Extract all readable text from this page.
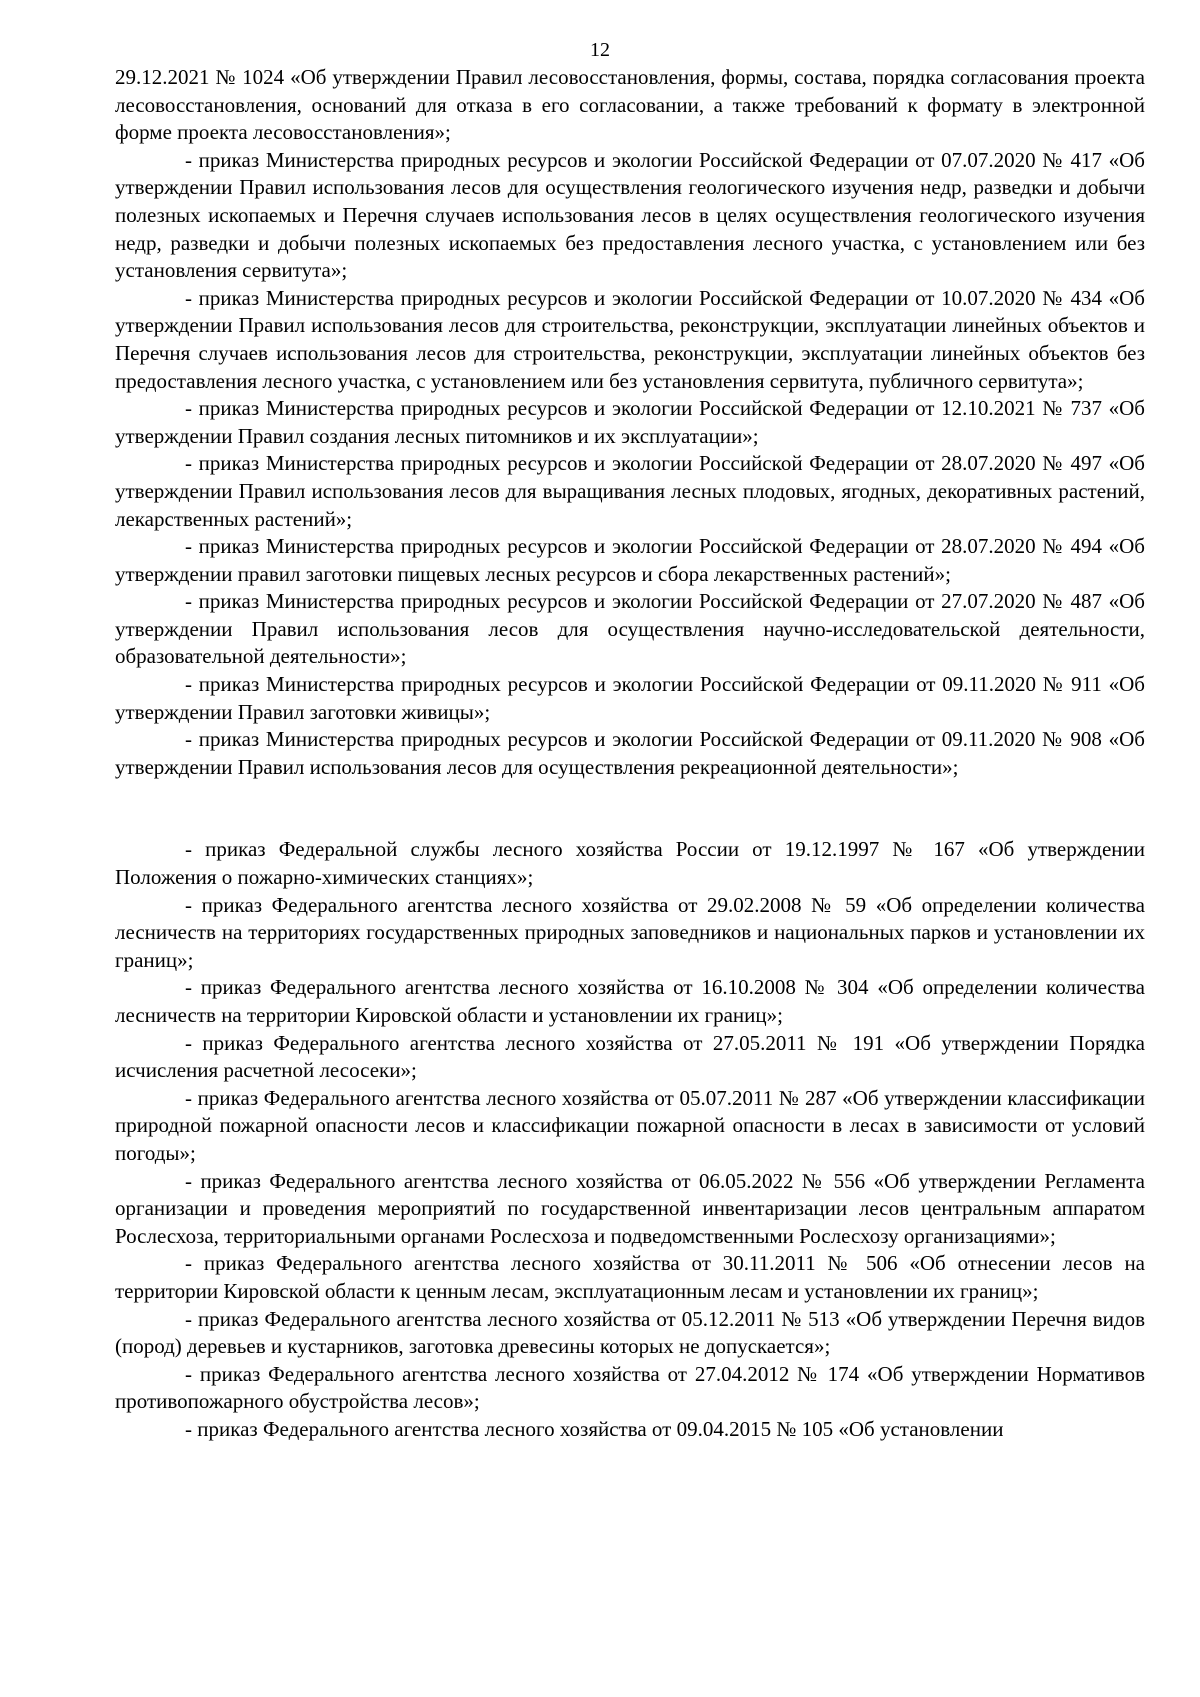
12

29.12.2021 № 1024 «Об утверждении Правил лесовосстановления, формы, состава, порядка согласования проекта лесовосстановления, оснований для отказа в его согласовании, а также требований к формату в электронной форме проекта лесовосстановления»;

- приказ Министерства природных ресурсов и экологии Российской Федерации от 07.07.2020 № 417 «Об утверждении Правил использования лесов для осуществления геологического изучения недр, разведки и добычи полезных ископаемых и Перечня случаев использования лесов в целях осуществления геологического изучения недр, разведки и добычи полезных ископаемых без предоставления лесного участка, с установлением или без установления сервитута»;

- приказ Министерства природных ресурсов и экологии Российской Федерации от 10.07.2020 № 434 «Об утверждении Правил использования лесов для строительства, реконструкции, эксплуатации линейных объектов и Перечня случаев использования лесов для строительства, реконструкции, эксплуатации линейных объектов без предоставления лесного участка, с установлением или без установления сервитута, публичного сервитута»;

- приказ Министерства природных ресурсов и экологии Российской Федерации от 12.10.2021 № 737 «Об утверждении Правил создания лесных питомников и их эксплуатации»;

- приказ Министерства природных ресурсов и экологии Российской Федерации от 28.07.2020 № 497 «Об утверждении Правил использования лесов для выращивания лесных плодовых, ягодных, декоративных растений, лекарственных растений»;

- приказ Министерства природных ресурсов и экологии Российской Федерации от 28.07.2020 № 494 «Об утверждении правил заготовки пищевых лесных ресурсов и сбора лекарственных растений»;

- приказ Министерства природных ресурсов и экологии Российской Федерации от 27.07.2020 № 487 «Об утверждении Правил использования лесов для осуществления научно-исследовательской деятельности, образовательной деятельности»;

- приказ Министерства природных ресурсов и экологии Российской Федерации от 09.11.2020 № 911 «Об утверждении Правил заготовки живицы»;

- приказ Министерства природных ресурсов и экологии Российской Федерации от 09.11.2020 № 908 «Об утверждении Правил использования лесов для осуществления рекреационной деятельности»;

- приказ Федеральной службы лесного хозяйства России от 19.12.1997 № 167 «Об утверждении Положения о пожарно-химических станциях»;

- приказ Федерального агентства лесного хозяйства от 29.02.2008 № 59 «Об определении количества лесничеств на территориях государственных природных заповедников и национальных парков и установлении их границ»;

- приказ Федерального агентства лесного хозяйства от 16.10.2008 № 304 «Об определении количества лесничеств на территории Кировской области и установлении их границ»;

- приказ Федерального агентства лесного хозяйства от 27.05.2011 № 191 «Об утверждении Порядка исчисления расчетной лесосеки»;

- приказ Федерального агентства лесного хозяйства от 05.07.2011 № 287 «Об утверждении классификации природной пожарной опасности лесов и классификации пожарной опасности в лесах в зависимости от условий погоды»;

- приказ Федерального агентства лесного хозяйства от 06.05.2022 № 556 «Об утверждении Регламента организации и проведения мероприятий по государственной инвентаризации лесов центральным аппаратом Рослесхоза, территориальными органами Рослесхоза и подведомственными Рослесхозу организациями»;

- приказ Федерального агентства лесного хозяйства от 30.11.2011 № 506 «Об отнесении лесов на территории Кировской области к ценным лесам, эксплуатационным лесам и установлении их границ»;

- приказ Федерального агентства лесного хозяйства от 05.12.2011 № 513 «Об утверждении Перечня видов (пород) деревьев и кустарников, заготовка древесины которых не допускается»;

- приказ Федерального агентства лесного хозяйства от 27.04.2012 № 174 «Об утверждении Нормативов противопожарного обустройства лесов»;

- приказ Федерального агентства лесного хозяйства от 09.04.2015 № 105 «Об установлении
